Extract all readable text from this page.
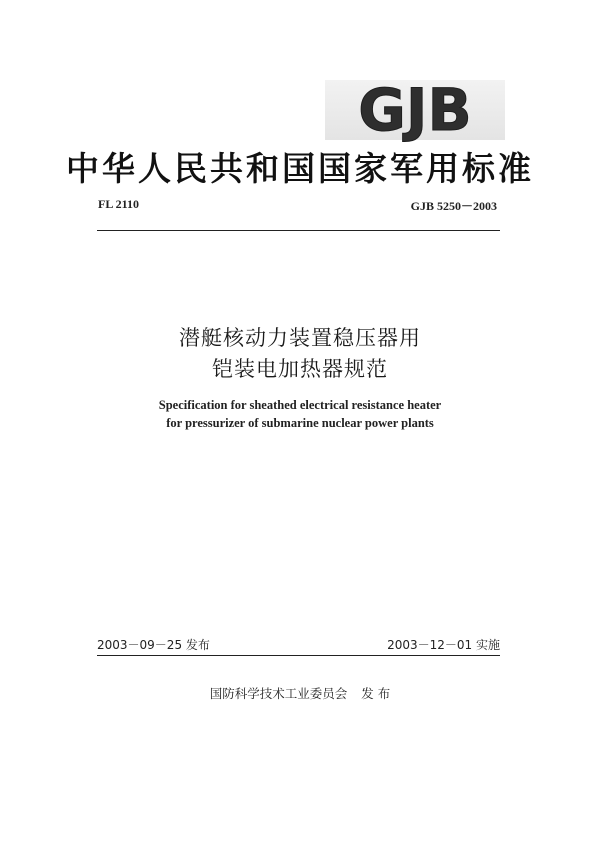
GJB
中华人民共和国国家军用标准
FL 2110	GJB 5250－2003
潜艇核动力装置稳压器用
铠装电加热器规范
Specification for sheathed electrical resistance heater
for pressurizer of submarine nuclear power plants
2003－09－25 发布	2003－12－01 实施
国防科学技术工业委员会 发 布
